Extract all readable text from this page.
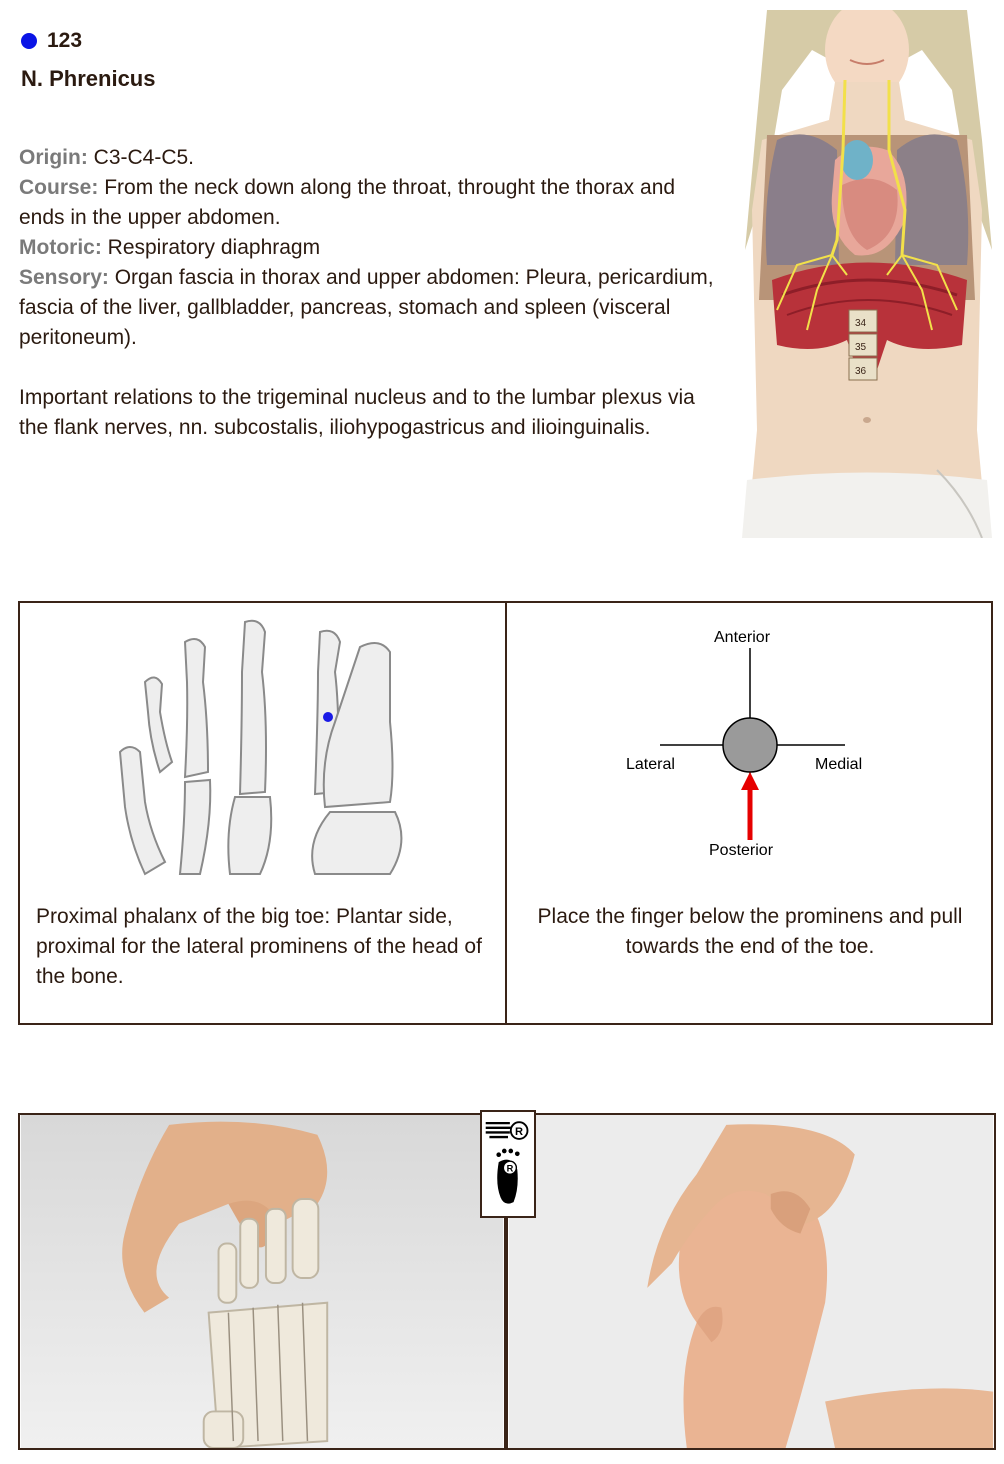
123
N. Phrenicus

Origin: C3-C4-C5.

Course: From the neck down along the throat, throught the thorax and ends in the upper abdomen.

Motoric: Respiratory diaphragm

Sensory: Organ fascia in thorax and upper abdomen: Pleura, pericardium, fascia of the liver, gallbladder, pancreas, stomach and spleen (visceral peritoneum).

Important relations to the trigeminal nucleus and to the lumbar plexus via the flank nerves, nn. subcostalis, iliohypogastricus and ilioinguinalis.

34
35
36
Proximal phalanx of the big toe: Plantar side, proximal for the lateral prominens of the head of the bone.
Anterior
Lateral	Medial
Posterior
Place the finger below the prominens and pull towards the end of the toe.
R
R
